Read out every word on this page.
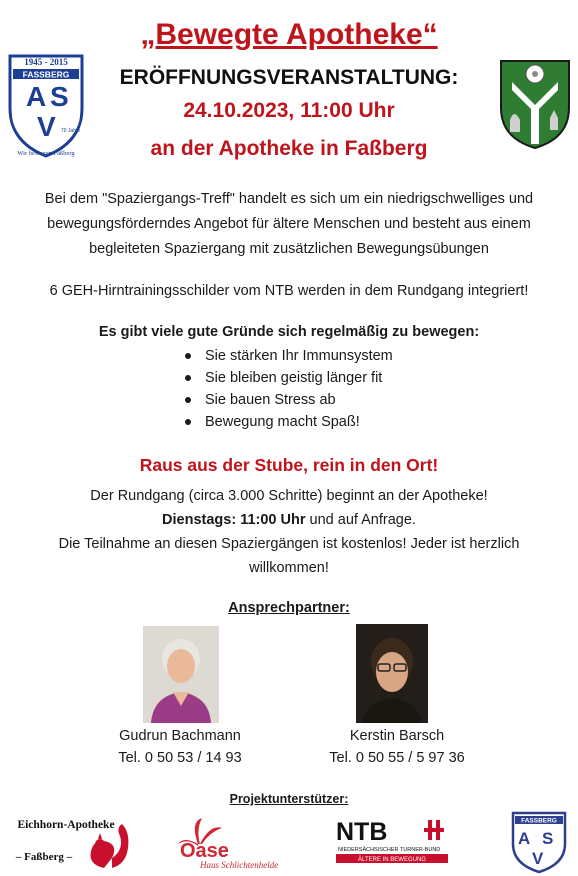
1945 - 2015
FASSBERG
A S
V 70 Jahre
Wir bewegen Faßberg
„Bewegte Apotheke“
ERÖFFNUNGSVERANSTALTUNG:
24.10.2023, 11:00 Uhr
an der Apotheke in Faßberg
Bei dem "Spaziergangs-Treff" handelt es sich um ein niedrigschwelliges und bewegungsförderndes Angebot für ältere Menschen und besteht aus einem begleiteten Spaziergang mit zusätzlichen Bewegungsübungen
6 GEH-Hirntrainingsschilder vom NTB werden in dem Rundgang integriert!
Es gibt viele gute Gründe sich regelmäßig zu bewegen:
Sie stärken Ihr Immunsystem
Sie bleiben geistig länger fit
Sie bauen Stress ab
Bewegung macht Spaß!
Raus aus der Stube, rein in den Ort!
Der Rundgang (circa 3.000 Schritte) beginnt an der Apotheke!
Dienstags: 11:00 Uhr und auf Anfrage.
Die Teilnahme an diesen Spaziergängen ist kostenlos! Jeder ist herzlich willkommen!
Ansprechpartner:
Gudrun Bachmann
Tel. 0 50 53 / 14 93
Kerstin Barsch
Tel. 0 50 55 / 5 97 36
Projektunterstützer:
Eichhorn-Apotheke
– Faßberg –	Oase
Haus Schlichtenhelde
NTB
NIEDERSÄCHSISCHER TURNER-BUND
ÄLTERE IN BEWEGUNG
FASSBERG
A S
V
